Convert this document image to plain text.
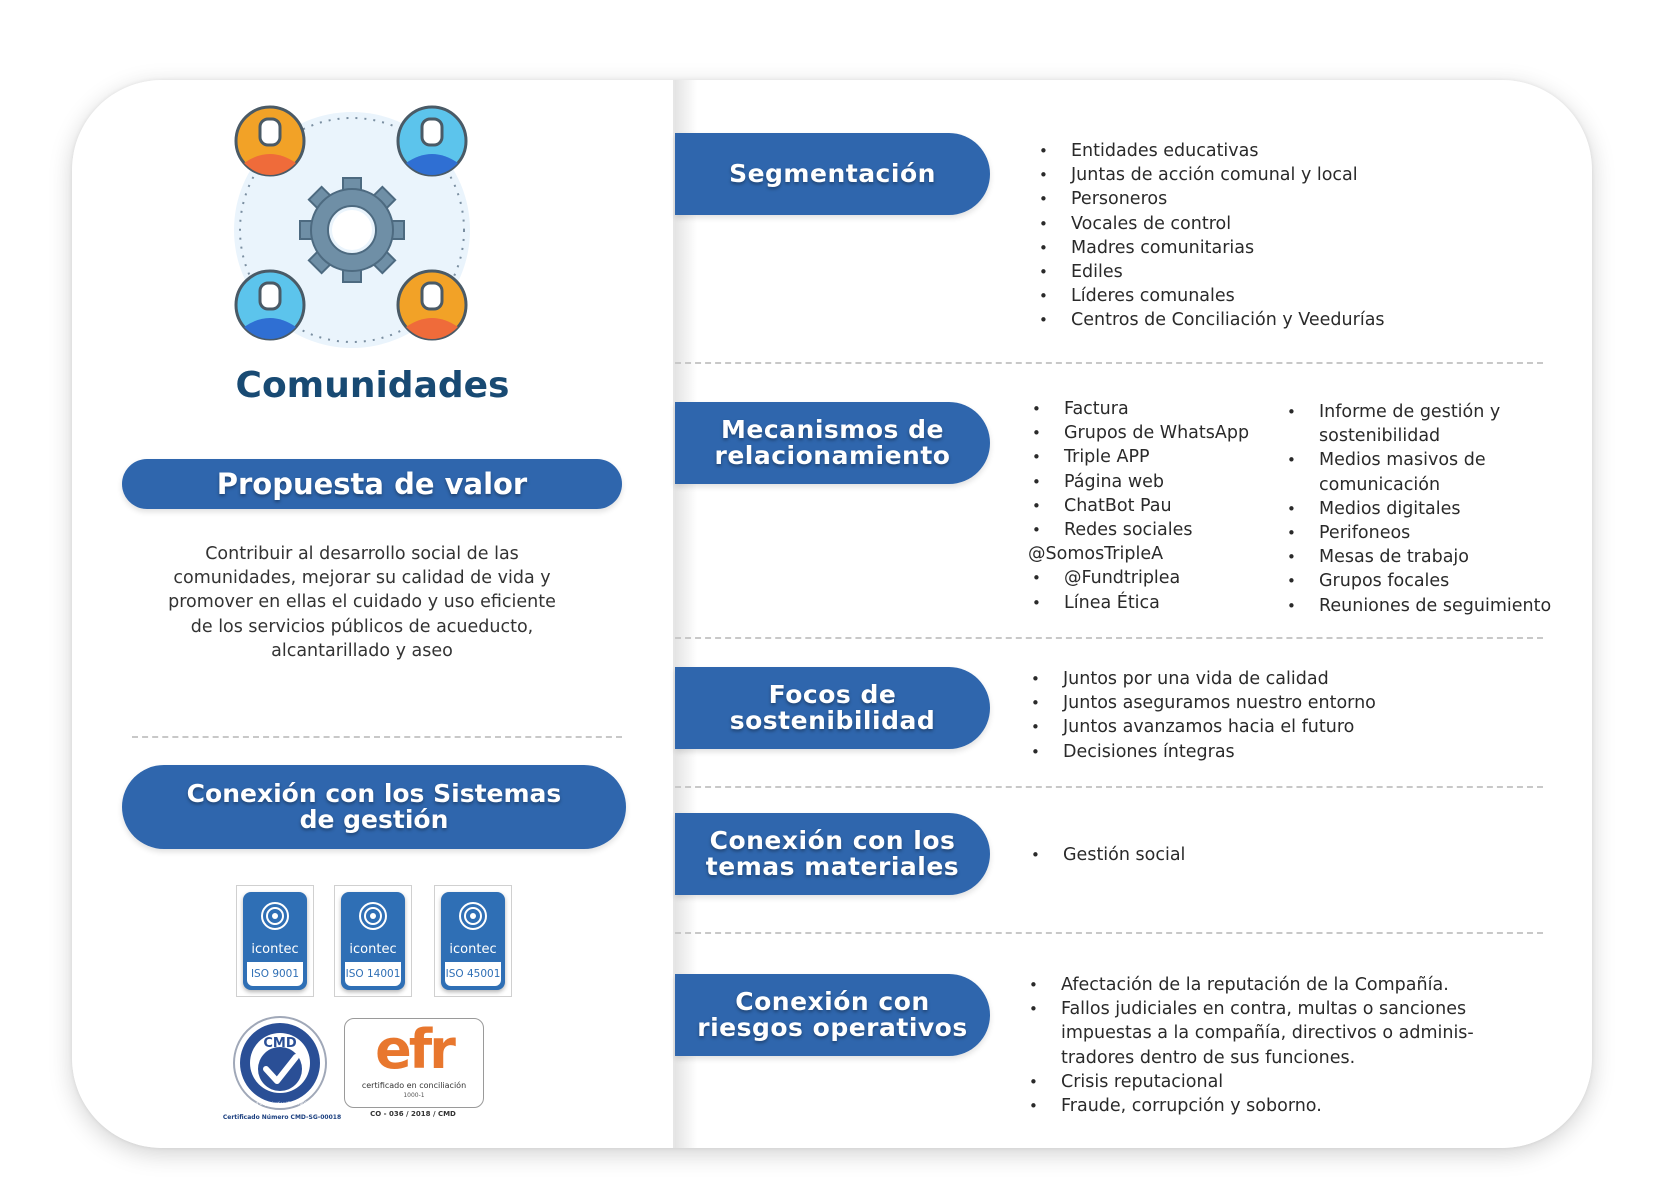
Comunidades
Propuesta de valor
Contribuir al desarrollo social de las comunidades, mejorar su calidad de vida y promover en ellas el cuidado y uso eficiente de los servicios públicos de acueducto, alcantarillado y aseo
Conexión con los Sistemas de gestión
icontec
ISO 9001
icontec
ISO 14001
icontec
ISO 45001
CMD
Certified Organization ISO 37001:2016
Certificado Número CMD-SG-00018
efr
certificado en conciliación
1000-1
CO - 036 / 2018 / CMD
Segmentación
• Entidades educativas
• Juntas de acción comunal y local
• Personeros
• Vocales de control
• Madres comunitarias
• Ediles
• Líderes comunales
• Centros de Conciliación y Veedurías
Mecanismos de
relacionamiento
• Factura
• Grupos de WhatsApp
• Triple APP
• Página web
• ChatBot Pau
• Redes sociales
@SomosTripleA
• @Fundtriplea
• Línea Ética
• Informe de gestión y
sostenibilidad
• Medios masivos de
comunicación
• Medios digitales
• Perifoneos
• Mesas de trabajo
• Grupos focales
• Reuniones de seguimiento
Focos de
sostenibilidad
• Juntos por una vida de calidad
• Juntos aseguramos nuestro entorno
• Juntos avanzamos hacia el futuro
• Decisiones íntegras
Conexión con los
temas materiales
•	Gestión social
Conexión con
riesgos operativos
• Afectación de la reputación de la Compañía.
• Fallos judiciales en contra, multas o sanciones
impuestas a la compañía, directivos o adminis-
tradores dentro de sus funciones.
• Crisis reputacional
• Fraude, corrupción y soborno.
